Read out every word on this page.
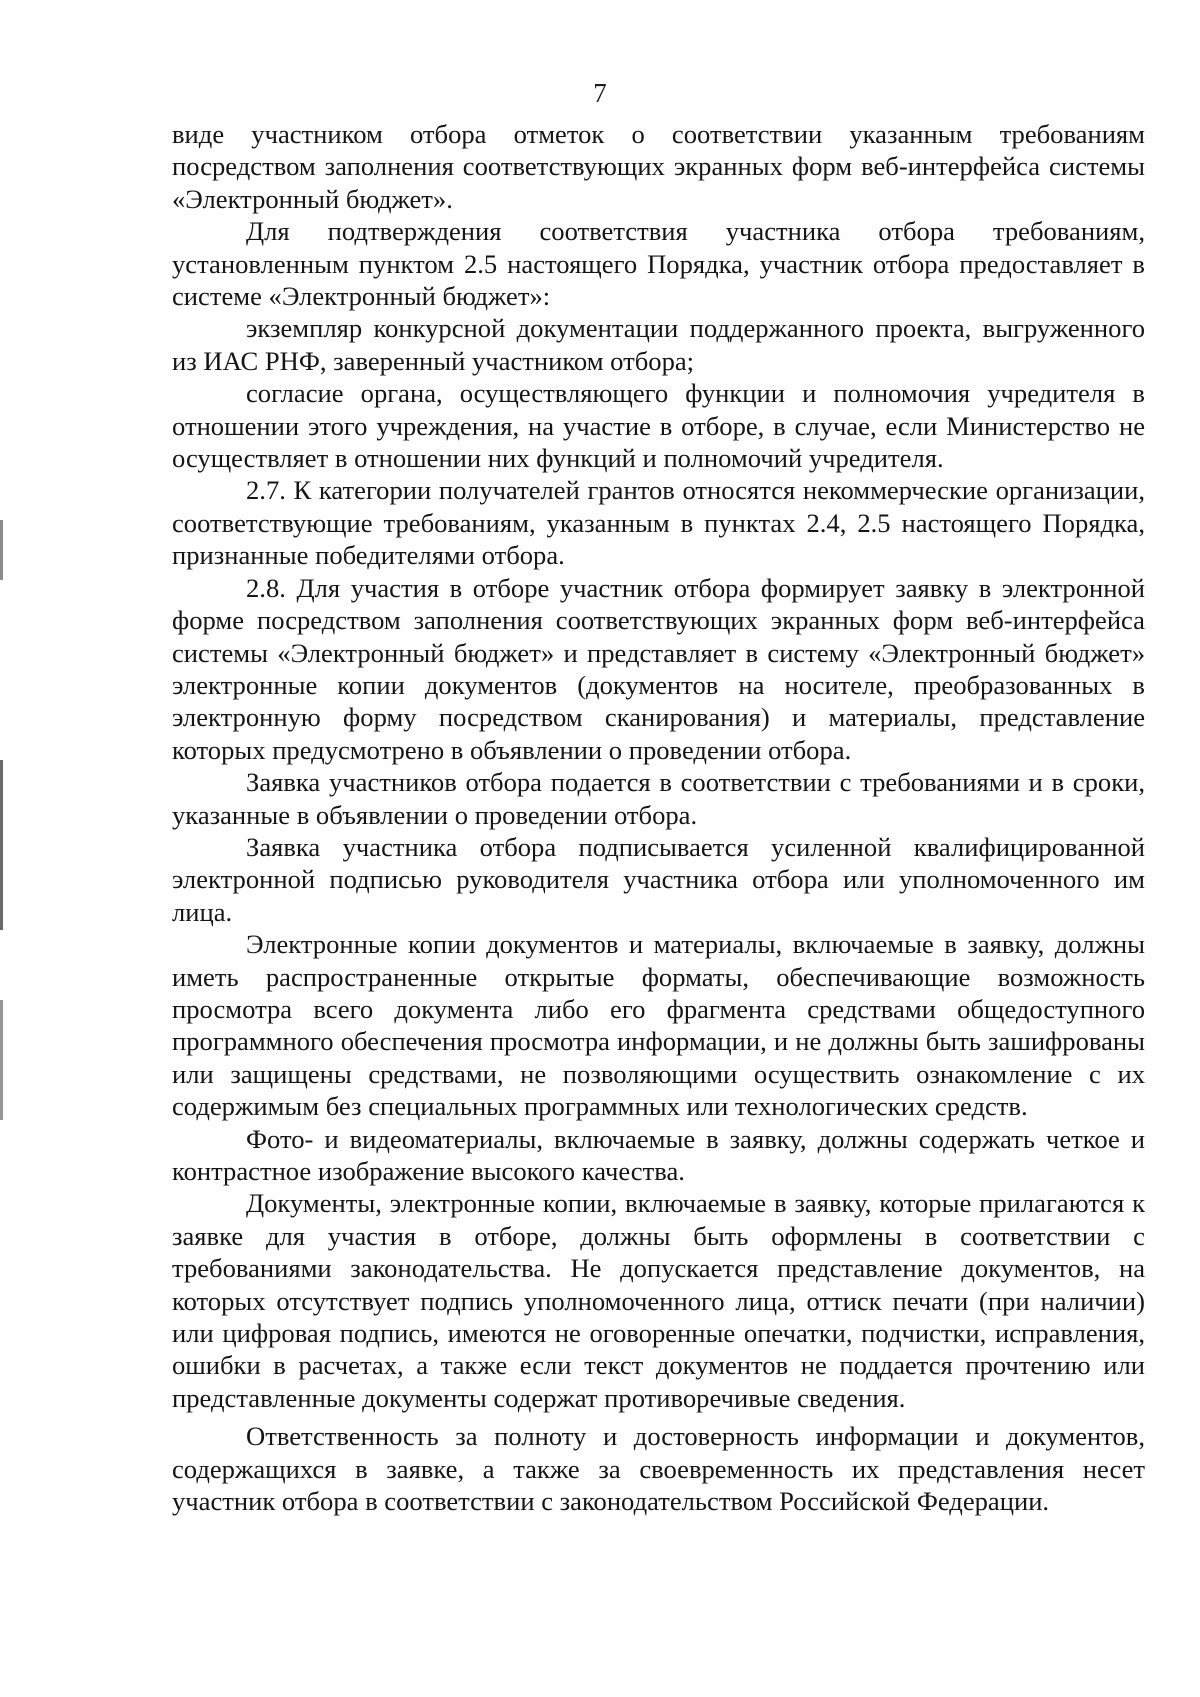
7

виде участником отбора отметок о соответствии указанным требованиям посредством заполнения соответствующих экранных форм веб-интерфейса системы «Электронный бюджет».

Для подтверждения соответствия участника отбора требованиям, установленным пунктом 2.5 настоящего Порядка, участник отбора предоставляет в системе «Электронный бюджет»:

экземпляр конкурсной документации поддержанного проекта, выгруженного из ИАС РНФ, заверенный участником отбора;

согласие органа, осуществляющего функции и полномочия учредителя в отношении этого учреждения, на участие в отборе, в случае, если Министерство не осуществляет в отношении них функций и полномочий учредителя.

2.7. К категории получателей грантов относятся некоммерческие организации, соответствующие требованиям, указанным в пунктах 2.4, 2.5 настоящего Порядка, признанные победителями отбора.

2.8. Для участия в отборе участник отбора формирует заявку в электронной форме посредством заполнения соответствующих экранных форм веб-интерфейса системы «Электронный бюджет» и представляет в систему «Электронный бюджет» электронные копии документов (документов на носителе, преобразованных в электронную форму посредством сканирования) и материалы, представление которых предусмотрено в объявлении о проведении отбора.

Заявка участников отбора подается в соответствии с требованиями и в сроки, указанные в объявлении о проведении отбора.

Заявка участника отбора подписывается усиленной квалифицированной электронной подписью руководителя участника отбора или уполномоченного им лица.

Электронные копии документов и материалы, включаемые в заявку, должны иметь распространенные открытые форматы, обеспечивающие возможность просмотра всего документа либо его фрагмента средствами общедоступного программного обеспечения просмотра информации, и не должны быть зашифрованы или защищены средствами, не позволяющими осуществить ознакомление с их содержимым без специальных программных или технологических средств.

Фото- и видеоматериалы, включаемые в заявку, должны содержать четкое и контрастное изображение высокого качества.

Документы, электронные копии, включаемые в заявку, которые прилагаются к заявке для участия в отборе, должны быть оформлены в соответствии с требованиями законодательства. Не допускается представление документов, на которых отсутствует подпись уполномоченного лица, оттиск печати (при наличии) или цифровая подпись, имеются не оговоренные опечатки, подчистки, исправления, ошибки в расчетах, а также если текст документов не поддается прочтению или представленные документы содержат противоречивые сведения.

Ответственность за полноту и достоверность информации и документов, содержащихся в заявке, а также за своевременность их представления несет участник отбора в соответствии с законодательством Российской Федерации.
